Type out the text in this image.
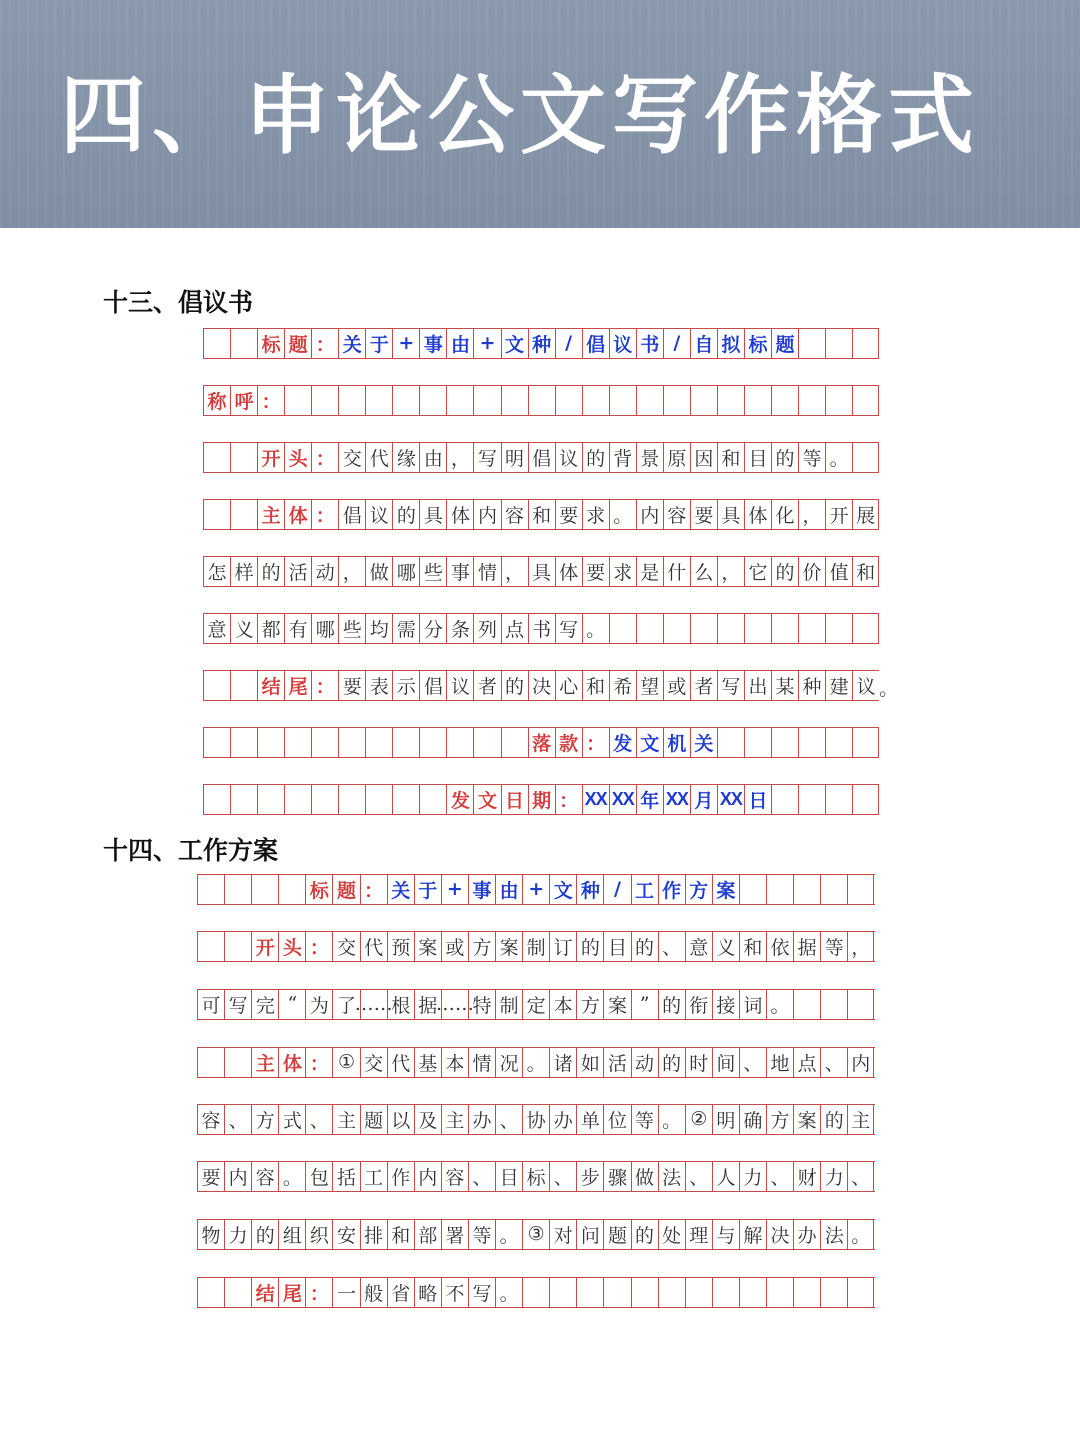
四、申论公文写作格式
十三、倡议书
标 题 ： 关 于 + 事 由 + 文 种 / 倡 议 书 / 自 拟 标 题
称 呼 ：
开 头 ： 交 代 缘 由 ， 写 明 倡 议 的 背 景 原 因 和 目 的 等 。
主 体 ： 倡 议 的 具 体 内 容 和 要 求 。 内 容 要 具 体 化 ， 开 展
怎 样 的 活 动 ， 做 哪 些 事 情 ， 具 体 要 求 是 什 么 ， 它 的 价 值 和
意 义 都 有 哪 些 均 需 分 条 列 点 书 写 。
结 尾 ： 要 表 示 倡 议 者 的 决 心 和 希 望 或 者 写 出 某 种 建 议 。
落 款 ： 发 文 机 关
发 文 日 期 ： XX XX 年 XX 月 XX 日
十四、工作方案
标 题 ： 关 于 + 事 由 + 文 种 / 工 作 方 案
开 头 ： 交 代 预 案 或 方 案 制 订 的 目 的 、 意 义 和 依 据 等 ，
可 写 完 “ 为 了
……
根 据
……
特 制 定 本 方 案 ” 的 衔 接 词 。
主 体 ： ① 交 代 基 本 情 况 。 诸 如 活 动 的 时 间 、 地 点 、 内
容 、 方 式 、 主 题 以 及 主 办 、 协 办 单 位 等 。 ② 明 确 方 案 的 主
要 内 容 。 包 括 工 作 内 容 、 目 标 、 步 骤 做 法 、 人 力 、 财 力 、
物 力 的 组 织 安 排 和 部 署 等 。 ③ 对 问 题 的 处 理 与 解 决 办 法 。
结 尾 ： 一 般 省 略 不 写 。
